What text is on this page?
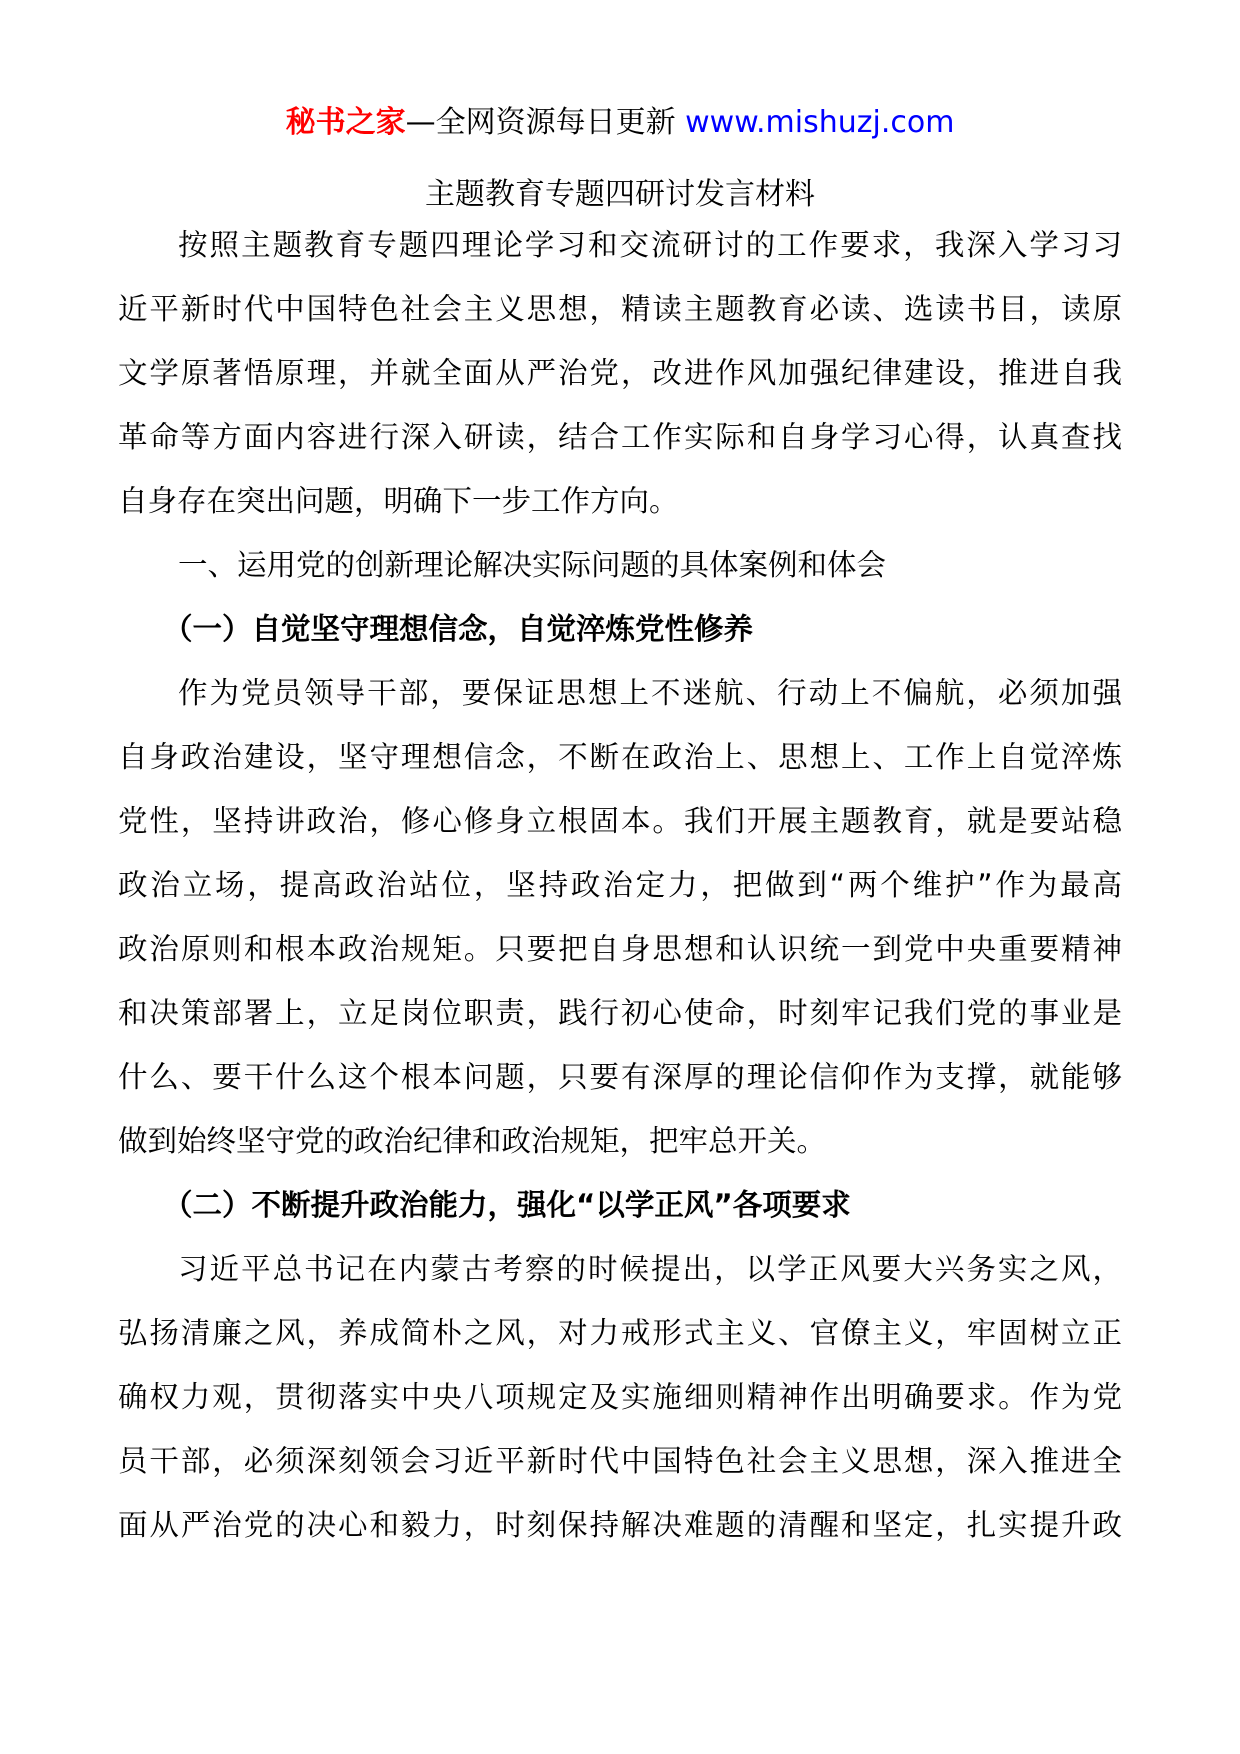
秘书之家—全网资源每日更新 www.mishuzj.com
主题教育专题四研讨发言材料
按照主题教育专题四理论学习和交流研讨的工作要求，我深入学习习
近平新时代中国特色社会主义思想，精读主题教育必读、选读书目，读原
文学原著悟原理，并就全面从严治党，改进作风加强纪律建设，推进自我
革命等方面内容进行深入研读，结合工作实际和自身学习心得，认真查找
自身存在突出问题，明确下一步工作方向。
一、运用党的创新理论解决实际问题的具体案例和体会
（一）自觉坚守理想信念，自觉淬炼党性修养
作为党员领导干部，要保证思想上不迷航、行动上不偏航，必须加强
自身政治建设，坚守理想信念，不断在政治上、思想上、工作上自觉淬炼
党性，坚持讲政治，修心修身立根固本。我们开展主题教育，就是要站稳
政治立场，提高政治站位，坚持政治定力，把做到“两个维护”作为最高
政治原则和根本政治规矩。只要把自身思想和认识统一到党中央重要精神
和决策部署上，立足岗位职责，践行初心使命，时刻牢记我们党的事业是
什么、要干什么这个根本问题，只要有深厚的理论信仰作为支撑，就能够
做到始终坚守党的政治纪律和政治规矩，把牢总开关。
（二）不断提升政治能力，强化“以学正风”各项要求
习近平总书记在内蒙古考察的时候提出，以学正风要大兴务实之风，
弘扬清廉之风，养成简朴之风，对力戒形式主义、官僚主义，牢固树立正
确权力观，贯彻落实中央八项规定及实施细则精神作出明确要求。作为党
员干部，必须深刻领会习近平新时代中国特色社会主义思想，深入推进全
面从严治党的决心和毅力，时刻保持解决难题的清醒和坚定，扎实提升政
